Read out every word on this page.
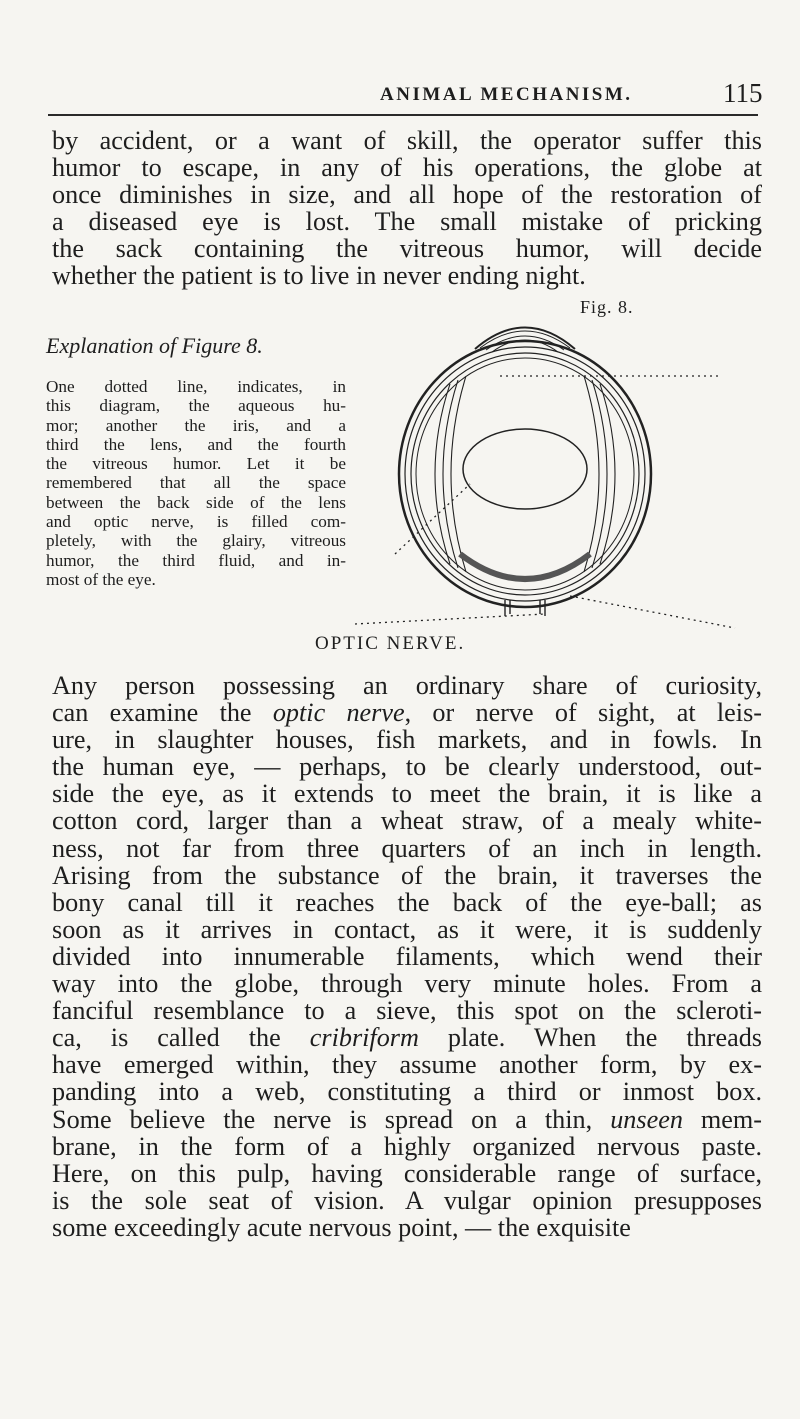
ANIMAL MECHANISM.	115
by accident, or a want of skill, the operator suffer this
humor to escape, in any of his operations, the globe at
once diminishes in size, and all hope of the restoration of
a diseased eye is lost. The small mistake of pricking
the sack containing the vitreous humor, will decide
whether the patient is to live in never ending night.
Fig. 8.
Explanation of Figure 8.
One dotted line, indicates, in
this diagram, the aqueous hu-
mor; another the iris, and a
third the lens, and the fourth
the vitreous humor. Let it be
remembered that all the space
between the back side of the lens
and optic nerve, is filled com-
pletely, with the glairy, vitreous
humor, the third fluid, and in-
most of the eye.
OPTIC NERVE.
Any person possessing an ordinary share of curiosity,
can examine the optic nerve, or nerve of sight, at leis-
ure, in slaughter houses, fish markets, and in fowls. In
the human eye, — perhaps, to be clearly understood, out-
side the eye, as it extends to meet the brain, it is like a
cotton cord, larger than a wheat straw, of a mealy white-
ness, not far from three quarters of an inch in length.
Arising from the substance of the brain, it traverses the
bony canal till it reaches the back of the eye-ball; as
soon as it arrives in contact, as it were, it is suddenly
divided into innumerable filaments, which wend their
way into the globe, through very minute holes. From a
fanciful resemblance to a sieve, this spot on the scleroti-
ca, is called the cribriform plate. When the threads
have emerged within, they assume another form, by ex-
panding into a web, constituting a third or inmost box.
Some believe the nerve is spread on a thin, unseen mem-
brane, in the form of a highly organized nervous paste.
Here, on this pulp, having considerable range of surface,
is the sole seat of vision. A vulgar opinion presupposes
some exceedingly acute nervous point, — the exquisite
